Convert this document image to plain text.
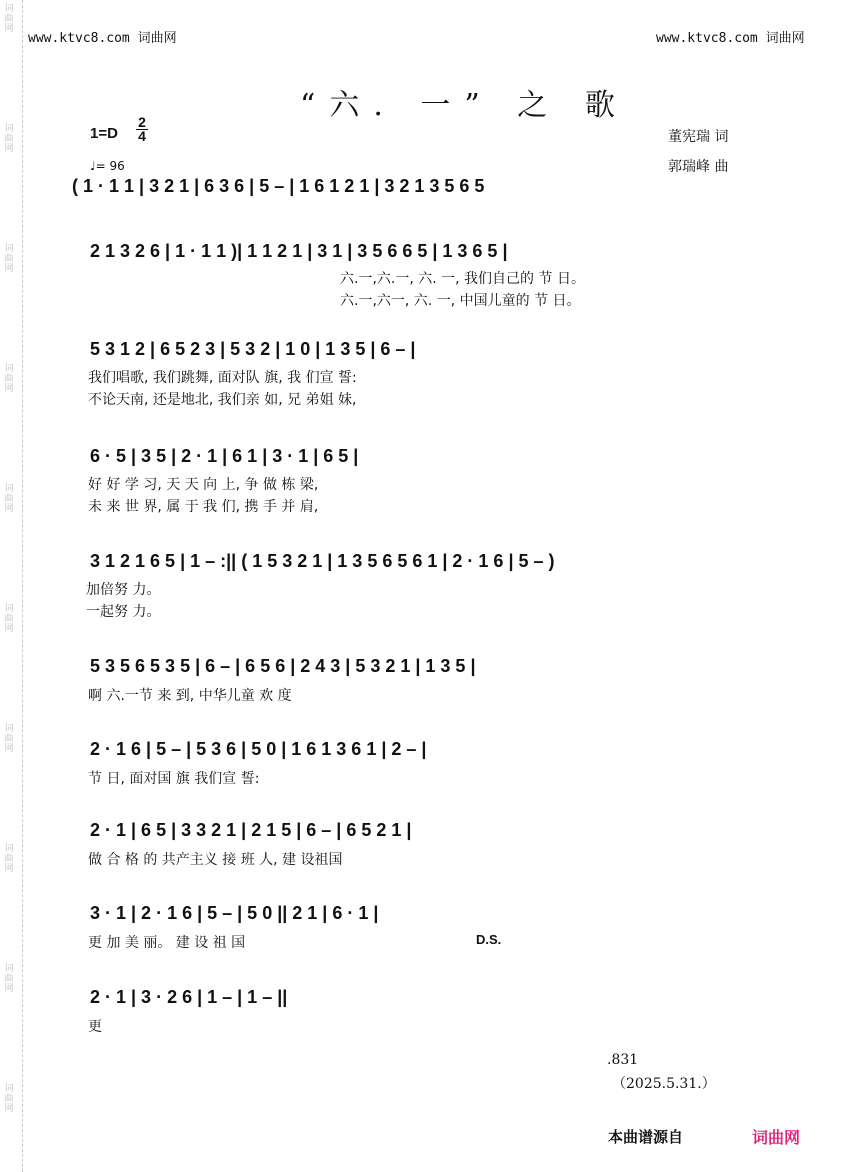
词曲网
词曲网
词曲网
词曲网
词曲网
词曲网
词曲网
词曲网
词曲网
词曲网
www.ktvc8.com 词曲网	www.ktvc8.com 词曲网
“六. 一” 之 歌
1=D
2
4
♩= 96
董宪瑞 词
郭瑞峰 曲
( 1 · 1 1 | 3 2 1 | 6 3 6 | 5 – | 1 6 1 2 1 | 3 2 1 3 5 6 5
2 1 3 2 6 | 1 · 1 1 )| 1 1 2 1 | 3 1 | 3 5 6 6 5 | 1 3 6 5 |
六.一,六.一, 六. 一, 我们自己的 节 日。
六.一,六一, 六. 一, 中国儿童的 节 日。
5 3 1 2 | 6 5 2 3 | 5 3 2 | 1 0 | 1 3 5 | 6 – |
我们唱歌, 我们跳舞, 面对队 旗, 我 们宣 誓:
不论天南, 还是地北, 我们亲 如, 兄 弟姐 妹,
6 · 5 | 3 5 | 2 · 1 | 6 1 | 3 · 1 | 6 5 |
好 好 学 习, 天 天 向 上, 争 做 栋 梁,
未 来 世 界, 属 于 我 们, 携 手 并 肩,
3 1 2 1 6 5 | 1 – :|| ( 1 5 3 2 1 | 1 3 5 6 5 6 1 | 2 · 1 6 | 5 – )
加倍努 力。
一起努 力。
5 3 5 6 5 3 5 | 6 – | 6 5 6 | 2 4 3 | 5 3 2 1 | 1 3 5 |
啊 六.一节 来 到, 中华儿童 欢 度
2 · 1 6 | 5 – | 5 3 6 | 5 0 | 1 6 1 3 6 1 | 2 – |
节 日, 面对国 旗 我们宣 誓:
2 · 1 | 6 5 | 3 3 2 1 | 2 1 5 | 6 – | 6 5 2 1 |
做 合 格 的 共产主义 接 班 人, 建 设祖国
3 · 1 | 2 · 1 6 | 5 – | 5 0 || 2 1 | 6 · 1 |
更 加 美 丽。 建 设 祖 国	D.S.
2 · 1 | 3 · 2 6 | 1 – | 1 – ||
更
.831
（2025.5.31.）
本曲谱源自	词曲网
